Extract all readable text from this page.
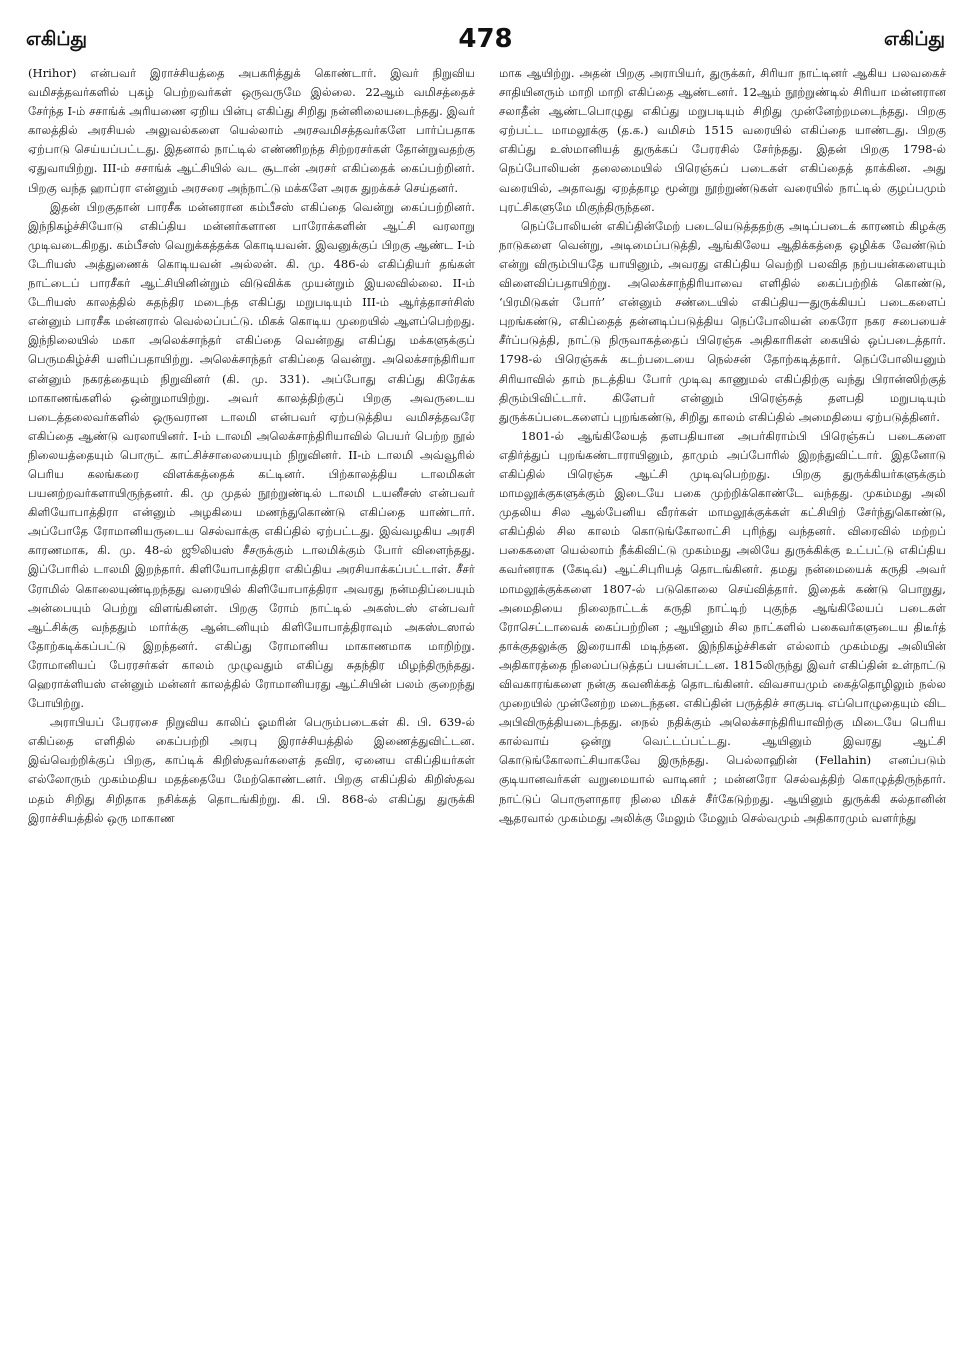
எகிப்து	478	எகிப்து

(Hrihor) என்பவர் இராச்சியத்தை அபகரித்துக் கொண்டார். இவர் நிறுவிய வமிசத்தவர்களில் புகழ் பெற்றவர்கள் ஒருவருமே இல்லை. 22ஆம் வமிசத்தைச் சேர்ந்த I-ம் சசாங்க் அரியணை ஏறிய பின்பு எகிப்து சிறிது நன்னிலையடைந்தது. இவர் காலத்தில் அரசியல் அலுவல்களை யெல்லாம் அரசவமிசத்தவர்களே பார்ப்பதாக ஏற்பாடு செய்யப்பட்டது. இதனால் நாட்டில் எண்ணிறந்த சிற்றரசர்கள் தோன்றுவதற்கு ஏதுவாயிற்று. III-ம் சசாங்க் ஆட்சியில் வட சூடான் அரசர் எகிப்தைக் கைப்பற்றினர். பிறகு வந்த ஹாப்ரா என்னும் அரசரை அந்நாட்டு மக்களே அரசு துறக்கச் செய்தனர்.

இதன் பிறகுதான் பாரசீக மன்னரான கம்பீசஸ் எகிப்தை வென்று கைப்பற்றினர். இந்நிகழ்ச்சியோடு எகிப்திய மன்னர்களான பாரோக்களின் ஆட்சி வரலாறு முடிவடைகிறது. கம்பீசஸ் வெறுக்கத்தக்க கொடியவன். இவனுக்குப் பிறகு ஆண்ட I-ம் டேரியஸ் அத்துணைக் கொடியவன் அல்லன். கி. மு. 486-ல் எகிப்தியர் தங்கள் நாட்டைப் பாரசீகர் ஆட்சியினின்றும் விடுவிக்க முயன்றும் இயலவில்லை. II-ம் டேரியஸ் காலத்தில் சுதந்திர மடைந்த எகிப்து மறுபடியும் III-ம் ஆர்த்தாசர்சிஸ் என்னும் பாரசீக மன்னரால் வெல்லப்பட்டு. மிகக் கொடிய முறையில் ஆளப்பெற்றது. இந்நிலையில் மகா அலெக்சாந்தர் எகிப்தை வென்றது எகிப்து மக்களுக்குப் பெருமகிழ்ச்சி யளிப்பதாயிற்று. அலெக்சாந்தர் எகிப்தை வென்று. அலெக்சாந்திரியா என்னும் நகரத்தையும் நிறுவினர் (கி. மு. 331). அப்போது எகிப்து கிரேக்க மாகாணங்களில் ஒன்றுமாயிற்று. அவர் காலத்திற்குப் பிறகு அவருடைய படைத்தலைவர்களில் ஒருவரான டாலமி என்பவர் ஏற்படுத்திய வமிசத்தவரே எகிப்தை ஆண்டு வரலாயினர். I-ம் டாலமி அலெக்சாந்திரியாவில் பெயர் பெற்ற நூல் நிலையத்தையும் பொருட் காட்சிச்சாலையையும் நிறுவினர். II-ம் டாலமி அவ்வூரில் பெரிய கலங்கரை விளக்கத்தைக் கட்டினர். பிற்காலத்திய டாலமிகள் பயனற்றவர்களாயிருந்தனர். கி. மு முதல் நூற்றுண்டில் டாலமி டயனீசஸ் என்பவர் கிளியோபாத்திரா என்னும் அழகியை மணந்துகொண்டு எகிப்தை யாண்டார். அப்போதே ரோமானியருடைய செல்வாக்கு எகிப்தில் ஏற்பட்டது. இவ்வழகிய அரசி காரணமாக, கி. மு. 48-ல் ஜூலியஸ் சீசருக்கும் டாலமிக்கும் போர் விளைந்தது. இப்போரில் டாலமி இறந்தார். கிளியோபாத்திரா எகிப்திய அரசியாக்கப்பட்டாள். சீசர் ரோமில் கொலையுண்டிறந்தது வரையில் கிளியோபாத்திரா அவரது நன்மதிப்பையும் அன்பையும் பெற்று விளங்கினள். பிறகு ரோம் நாட்டில் அகஸ்டஸ் என்பவர் ஆட்சிக்கு வந்ததும் மார்க்கு ஆன்டனியும் கிளியோபாத்திராவும் அகஸ்டஸால் தோற்கடிக்கப்பட்டு இறந்தனர். எகிப்து ரோமானிய மாகாணமாக மாறிற்று. ரோமானியப் பேரரசர்கள் காலம் முழுவதும் எகிப்து சுதந்திர மிழந்திருந்தது. ஹெராக்ளியஸ் என்னும் மன்னர் காலத்தில் ரோமானியரது ஆட்சியின் பலம் குறைந்து போயிற்று.

அராபியப் பேரரசை நிறுவிய காலிப் ஓமரின் பெரும்படைகள் கி. பி. 639-ல் எகிப்தை எளிதில் கைப்பற்றி அரபு இராச்சியத்தில் இணைத்துவிட்டன. இவ்வெற்றிக்குப் பிறகு, காப்டிக் கிறிஸ்தவர்களைத் தவிர, ஏனைய எகிப்தியர்கள் எல்லோரும் முகம்மதிய மதத்தையே மேற்கொண்டனர். பிறகு எகிப்தில் கிறிஸ்தவ மதம் சிறிது சிறிதாக நசிக்கத் தொடங்கிற்று. கி. பி. 868-ல் எகிப்து துருக்கி இராச்சியத்தில் ஒரு மாகாண

மாக ஆயிற்று. அதன் பிறகு அராபியர், துருக்கர், சிரியா நாட்டினர் ஆகிய பலவகைச் சாதியினரும் மாறி மாறி எகிப்தை ஆண்டனர். 12ஆம் நூற்றுண்டில் சிரியா மன்னரான சலாதீன் ஆண்டபொழுது எகிப்து மறுபடியும் சிறிது முன்னேற்றமடைந்தது. பிறகு ஏற்பட்ட மாமலூக்கு (த.க.) வமிசம் 1515 வரையில் எகிப்தை யாண்டது. பிறகு எகிப்து உஸ்மானியத் துருக்கப் பேரரசில் சேர்ந்தது. இதன் பிறகு 1798-ல் நெப்போலியன் தலைமையில் பிரெஞ்சுப் படைகள் எகிப்தைத் தாக்கின. அது வரையில், அதாவது ஏறத்தாழ மூன்று நூற்றுண்டுகள் வரையில் நாட்டில் குழப்பமும் புரட்சிகளுமே மிகுந்திருந்தன.

நெப்போலியன் எகிப்தின்மேற் படையெடுத்ததற்கு அடிப்படைக் காரணம் கிழக்கு நாடுகளை வென்று, அடிமைப்படுத்தி, ஆங்கிலேய ஆதிக்கத்தை ஒழிக்க வேண்டும் என்று விரும்பியதே யாயினும், அவரது எகிப்திய வெற்றி பலவித நற்பயன்களையும் விளைவிப்பதாயிற்று. அலெக்சாந்திரியாவை எளிதில் கைப்பற்றிக் கொண்டு, ‘பிரமிடுகள் போர்’ என்னும் சண்டையில் எகிப்திய—துருக்கியப் படைகளைப் புறங்கண்டு, எகிப்தைத் தன்னடிப்படுத்திய நெப்போலியன் கைரோ நகர சபையைச் சீர்ப்படுத்தி, நாட்டு நிருவாகத்தைப் பிரெஞ்சு அதிகாரிகள் கையில் ஒப்படைத்தார். 1798-ல் பிரெஞ்சுக் கடற்படையை நெல்சன் தோற்கடித்தார். நெப்போலியனும் சிரியாவில் தாம் நடத்திய போர் முடிவு காணுமல் எகிப்திற்கு வந்து பிரான்ஸிற்குத் திரும்பிவிட்டார். கிளேபர் என்னும் பிரெஞ்சுத் தளபதி மறுபடியும் துருக்கப்படைகளைப் புறங்கண்டு, சிறிது காலம் எகிப்தில் அமைதியை ஏற்படுத்தினர்.

1801-ல் ஆங்கிலேயத் தளபதியான அபர்கிராம்பி பிரெஞ்சுப் படைகளை எதிர்த்துப் புறங்கண்டாராயினும், தாமும் அப்போரில் இறந்துவிட்டார். இதனோடு எகிப்தில் பிரெஞ்சு ஆட்சி முடிவுபெற்றது. பிறகு துருக்கியர்களுக்கும் மாமலூக்குகளுக்கும் இடையே பகை முற்றிக்கொண்டே வந்தது. முகம்மது அலி முதலிய சில ஆல்பேனிய வீரர்கள் மாமலூக்குக்கள் கட்சியிற் சேர்ந்துகொண்டு, எகிப்தில் சில காலம் கொடுங்கோலாட்சி புரிந்து வந்தனர். விரைவில் மற்றப் பகைகளை யெல்லாம் நீக்கிவிட்டு முகம்மது அலியே துருக்கிக்கு உட்பட்டு எகிப்திய கவர்னராக (கேடிவ்) ஆட்சிபுரியத் தொடங்கினர். தமது நன்மையைக் கருதி அவர் மாமலூக்குக்களை 1807-ல் படுகொலை செய்வித்தார். இதைக் கண்டு பொறுது, அமைதியை நிலைநாட்டக் கருதி நாட்டிற் புகுந்த ஆங்கிலேயப் படைகள் ரோசெட்டாவைக் கைப்பற்றின ; ஆயினும் சில நாட்களில் பகைவர்களுடைய திடீர்த் தாக்குதலுக்கு இரையாகி மடிந்தன. இந்நிகழ்ச்சிகள் எல்லாம் முகம்மது அலியின் அதிகாரத்தை நிலைப்படுத்தப் பயன்பட்டன. 1815லிருந்து இவர் எகிப்தின் உள்நாட்டு விவகாரங்களை நன்கு கவனிக்கத் தொடங்கினர். விவசாயமும் கைத்தொழிலும் நல்ல முறையில் முன்னேற்ற மடைந்தன. எகிப்தின் பருத்திச் சாகுபடி எப்பொழுதையும் விட அபிவிருத்தியடைந்தது. நைல் நதிக்கும் அலெக்சாந்திரியாவிற்கு மிடையே பெரிய கால்வாய் ஒன்று வெட்டப்பட்டது. ஆயினும் இவரது ஆட்சி கொடுங்கோலாட்சியாகவே இருந்தது. பெல்லாஹின் (Fellahin) எனப்படும் குடியானவர்கள் வறுமையால் வாடினர் ; மன்னரோ செல்வத்திற் கொழுத்திருந்தார். நாட்டுப் பொருளாதார நிலை மிகச் சீர்கேடுற்றது. ஆயினும் துருக்கி சுல்தானின் ஆதரவால் முகம்மது அலிக்கு மேலும் மேலும் செல்வமும் அதிகாரமும் வளர்ந்து
